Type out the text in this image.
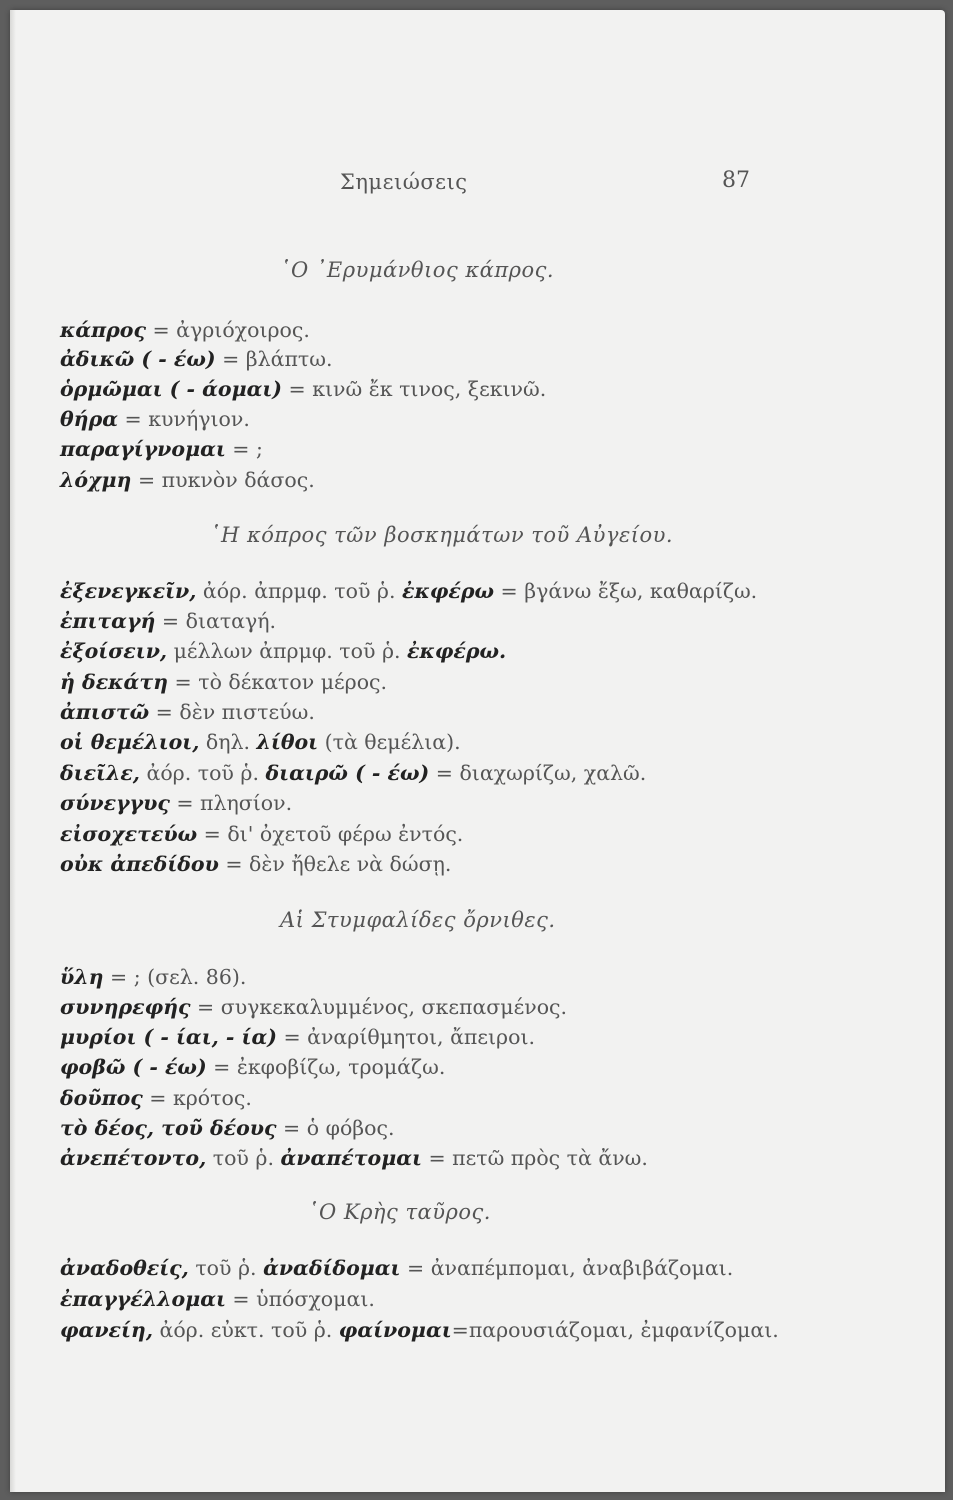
Σημειώσεις	87
῾Ο ᾿Ερυμάνθιος κάπρος.
κάπρος = ἀγριόχοιρος.
ἀδικῶ ( - έω) = βλάπτω.
ὁρμῶμαι ( - άομαι) = κινῶ ἔκ τινος, ξεκινῶ.
θήρα = κυνήγιον.
παραγίγνομαι = ;
λόχμη = πυκνὸν δάσος.
῾Η κόπρος τῶν βοσκημάτων τοῦ Αὐγείου.
ἐξενεγκεῖν, ἀόρ. ἀπρμφ. τοῦ ῥ. ἐκφέρω = βγάνω ἔξω, καθαρίζω.
ἐπιταγή = διαταγή.
ἐξοίσειν, μέλλων ἀπρμφ. τοῦ ῥ. ἐκφέρω.
ἡ δεκάτη = τὸ δέκατον μέρος.
ἀπιστῶ = δὲν πιστεύω.
οἱ θεμέλιοι, δηλ. λίθοι (τὰ θεμέλια).
διεῖλε, ἀόρ. τοῦ ῥ. διαιρῶ ( - έω) = διαχωρίζω, χαλῶ.
σύνεγγυς = πλησίον.
εἰσοχετεύω = δι' ὀχετοῦ φέρω ἐντός.
οὐκ ἀπεδίδου = δὲν ἤθελε νὰ δώσῃ.
Αἱ Στυμφαλίδες ὄρνιθες.
ὕλη = ; (σελ. 86).
συνηρεφής = συγκεκαλυμμένος, σκεπασμένος.
μυρίοι ( - ίαι, - ία) = ἀναρίθμητοι, ἄπειροι.
φοβῶ ( - έω) = ἐκφοβίζω, τρομάζω.
δοῦπος = κρότος.
τὸ δέος, τοῦ δέους = ὁ φόβος.
ἀνεπέτοντο, τοῦ ῥ. ἀναπέτομαι = πετῶ πρὸς τὰ ἄνω.
῾Ο Κρὴς ταῦρος.
ἀναδοθείς, τοῦ ῥ. ἀναδίδομαι = ἀναπέμπομαι, ἀναβιβάζομαι.
ἐπαγγέλλομαι = ὑπόσχομαι.
φανείη, ἀόρ. εὐκτ. τοῦ ῥ. φαίνομαι=παρουσιάζομαι, ἐμφανίζομαι.
